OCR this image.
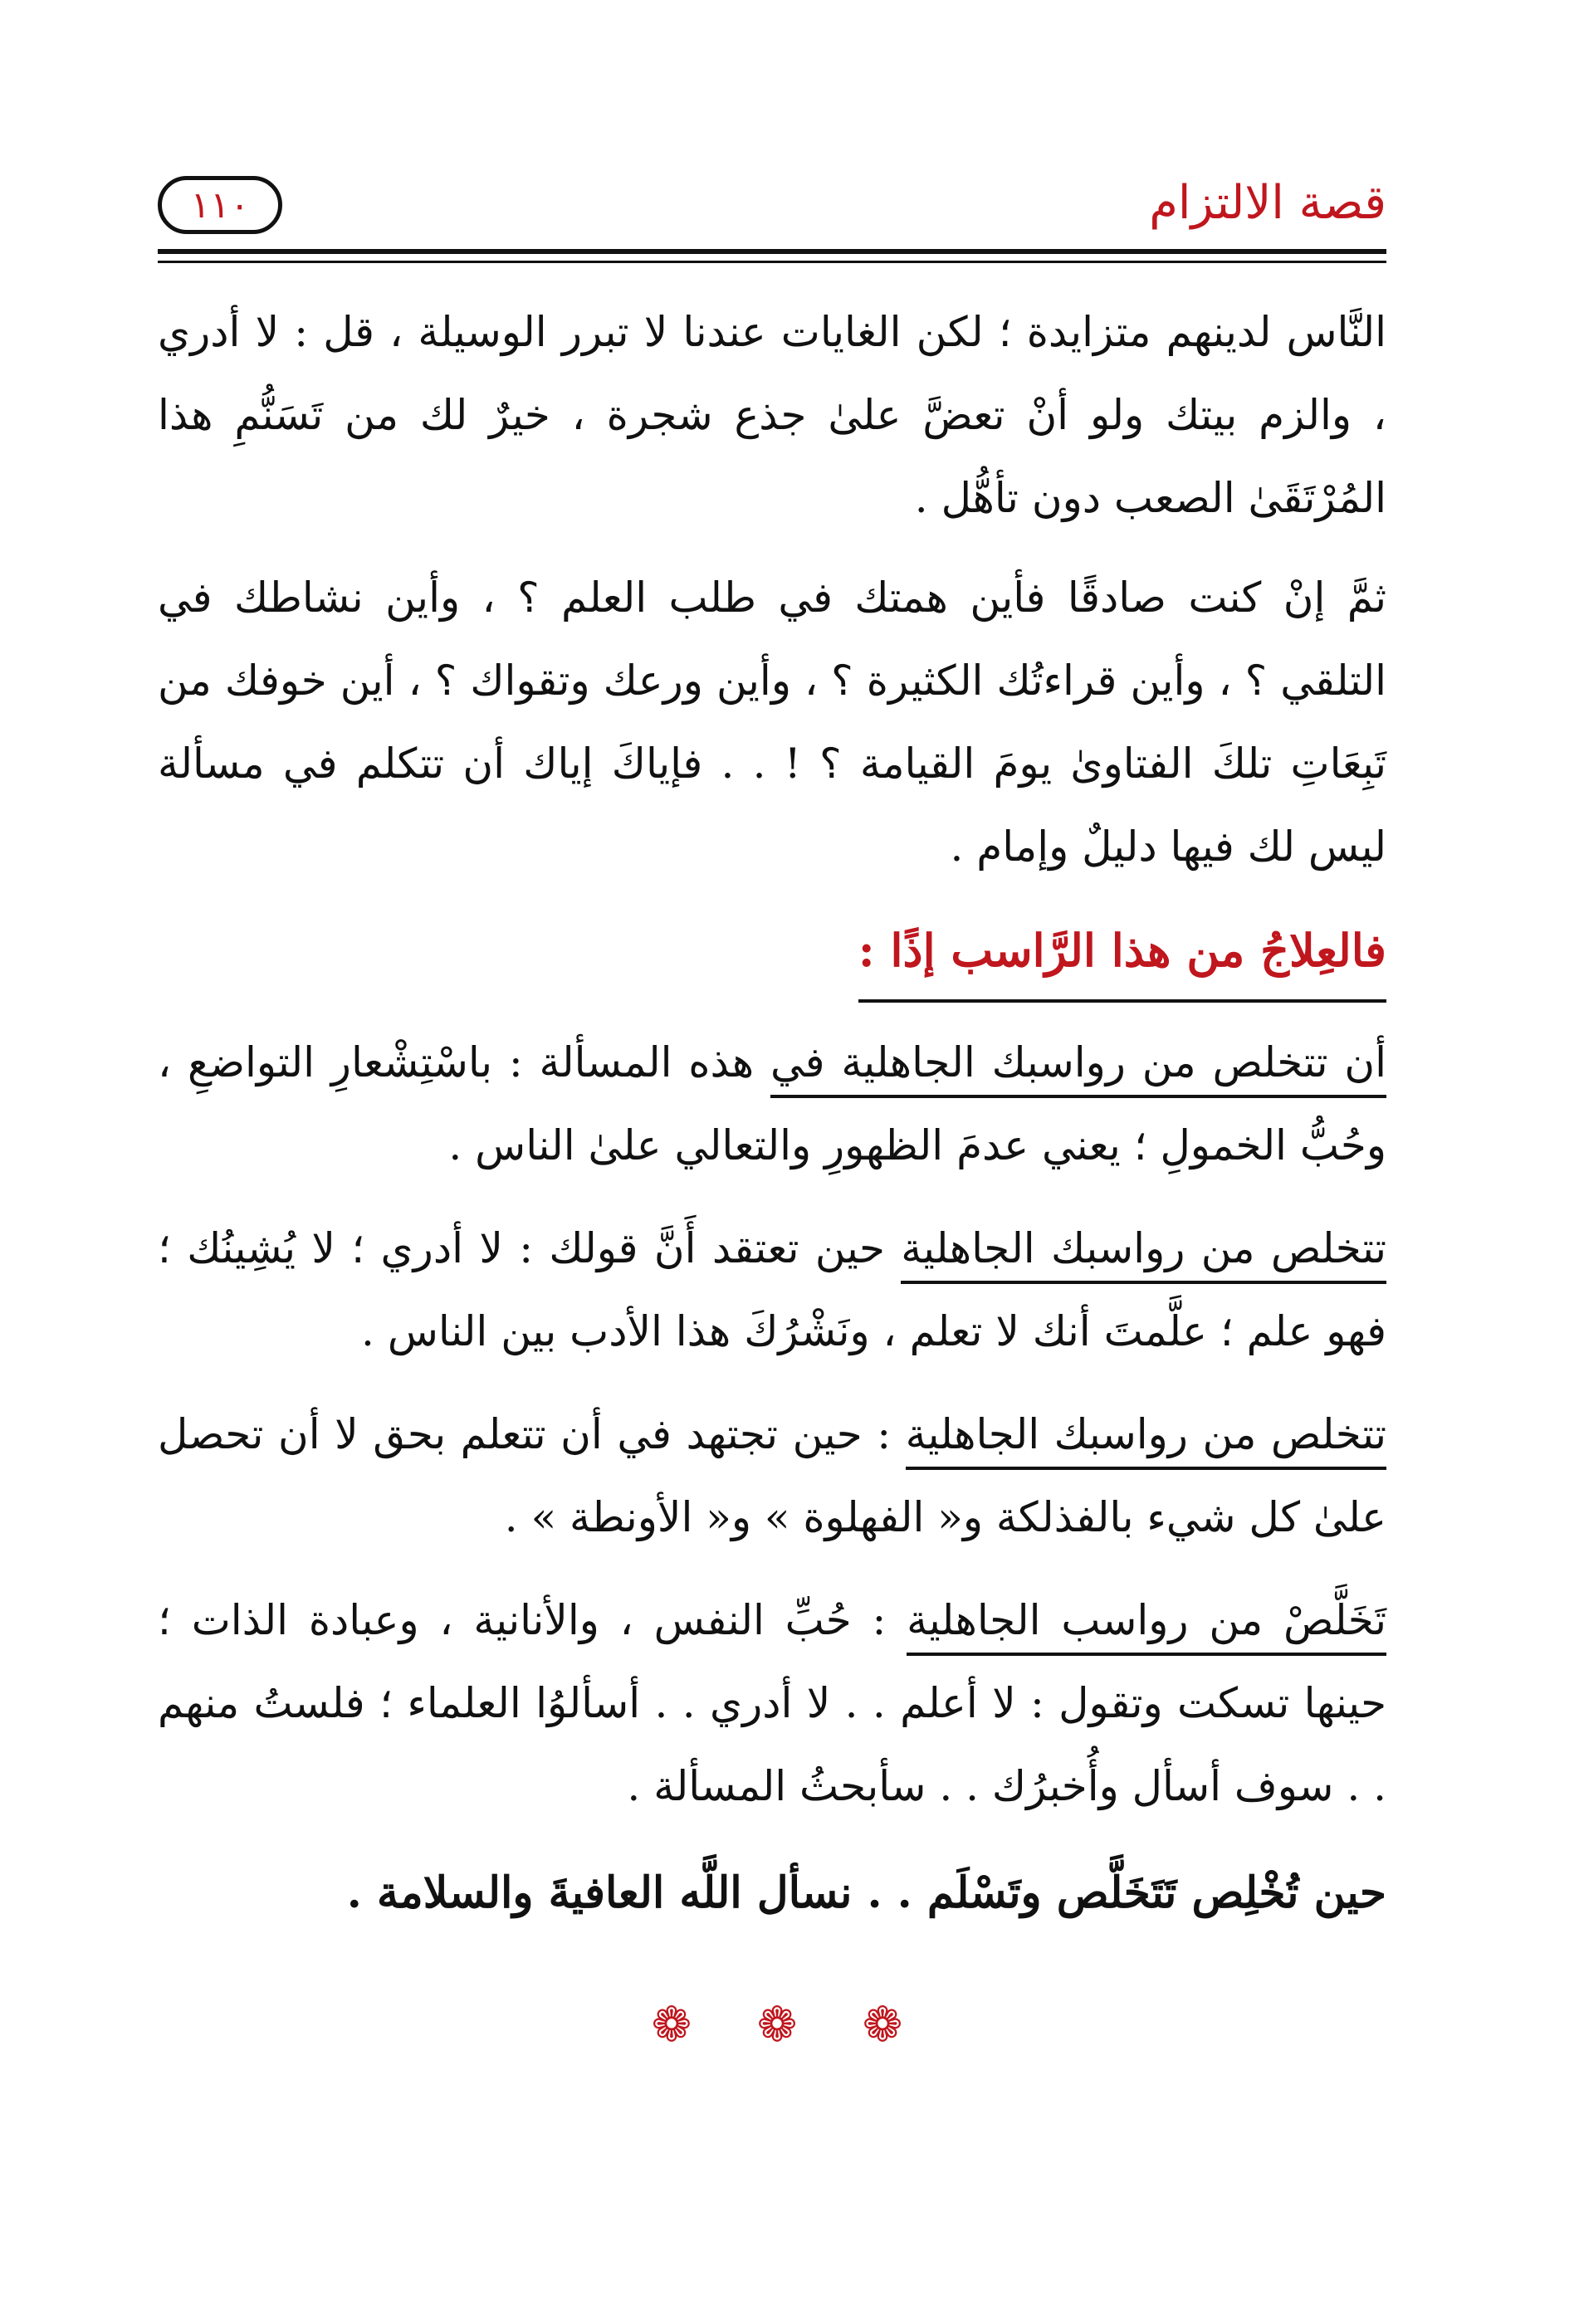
قصة الالتزام
١١٠

النَّاس لدينهم متزايدة ؛ لكن الغايات عندنا لا تبرر الوسيلة ، قل : لا أدري ، والزم بيتك ولو أنْ تعضَّ علىٰ جذع شجرة ، خيرٌ لك من تَسَنُّمِ هذا المُرْتَقَىٰ الصعب دون تأهُّل .

ثمَّ إنْ كنت صادقًا فأين همتك في طلب العلم ؟ ، وأين نشاطك في التلقي ؟ ، وأين قراءتُك الكثيرة ؟ ، وأين ورعك وتقواك ؟ ، أين خوفك من تَبِعَاتِ تلكَ الفتاوىٰ يومَ القيامة ؟ ! . . فإياكَ إياك أن تتكلم في مسألة ليس لك فيها دليلٌ وإمام .

فالعِلاجُ من هذا الرَّاسب إذًا :

أن تتخلص من رواسبك الجاهلية في هذه المسألة : باسْتِشْعارِ التواضعِ ، وحُبُّ الخمولِ ؛ يعني عدمَ الظهورِ والتعالي علىٰ الناس .

تتخلص من رواسبك الجاهلية حين تعتقد أَنَّ قولك : لا أدري ؛ لا يُشِينُك ؛ فهو علم ؛ علَّمتَ أنك لا تعلم ، ونَشْرُكَ هذا الأدب بين الناس .

تتخلص من رواسبك الجاهلية : حين تجتهد في أن تتعلم بحق لا أن تحصل علىٰ كل شيء بالفذلكة و« الفهلوة » و« الأونطة » .

تَخَلَّصْ من رواسب الجاهلية : حُبِّ النفس ، والأنانية ، وعبادة الذات ؛ حينها تسكت وتقول : لا أعلم . . لا أدري . . أسألوُا العلماء ؛ فلستُ منهم . . سوف أسأل وأُخبرُك . . سأبحثُ المسألة .

حين تُخْلِص تَتَخَلَّص وتَسْلَم . . نسأل اللَّه العافيةَ والسلامة .

❁ ❁ ❁
